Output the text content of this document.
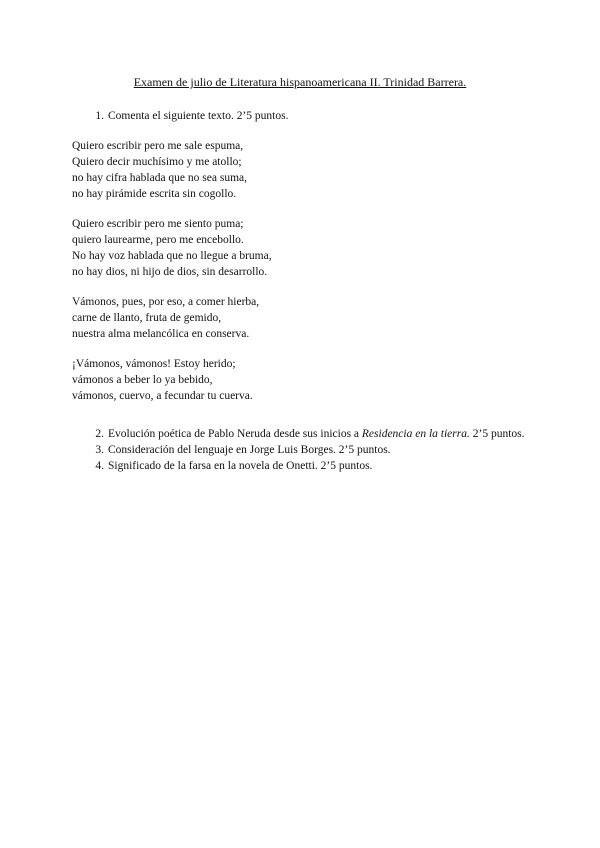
Examen de julio de Literatura hispanoamericana II. Trinidad Barrera.
1. Comenta el siguiente texto. 2’5 puntos.
Quiero escribir pero me sale espuma,
Quiero decir muchísimo y me atollo;
no hay cifra hablada que no sea suma,
no hay pirámide escrita sin cogollo.
Quiero escribir pero me siento puma;
quiero laurearme, pero me encebollo.
No hay voz hablada que no llegue a bruma,
no hay dios, ni hijo de dios, sin desarrollo.
Vámonos, pues, por eso, a comer hierba,
carne de llanto, fruta de gemido,
nuestra alma melancólica en conserva.
¡Vámonos, vámonos! Estoy herido;
vámonos a beber lo ya bebido,
vámonos, cuervo, a fecundar tu cuerva.
2. Evolución poética de Pablo Neruda desde sus inicios a Residencia en la tierra. 2’5 puntos.
3. Consideración del lenguaje en Jorge Luis Borges. 2’5 puntos.
4. Significado de la farsa en la novela de Onetti. 2’5 puntos.
